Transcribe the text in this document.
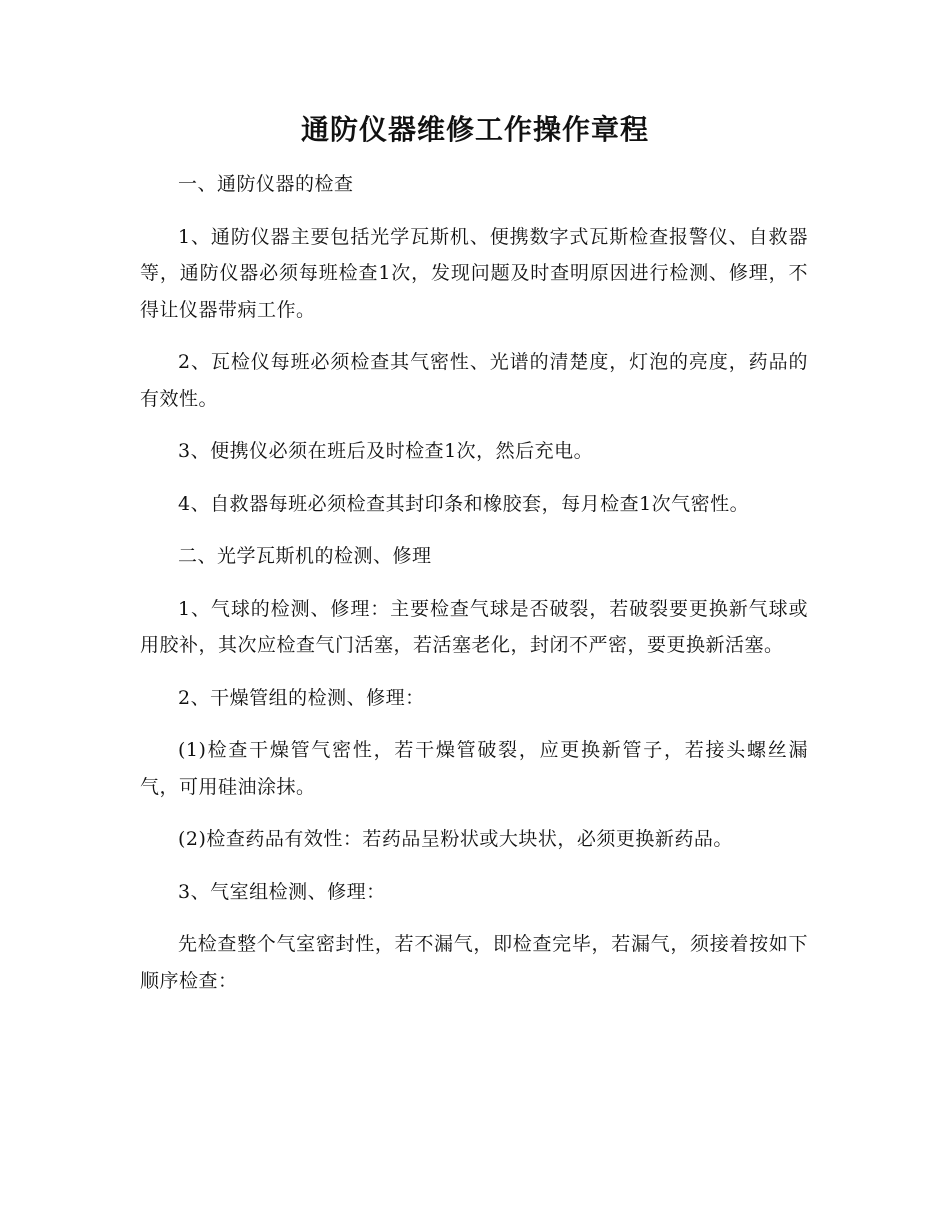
通防仪器维修工作操作章程

一、通防仪器的检查

1、通防仪器主要包括光学瓦斯机、便携数字式瓦斯检查报警仪、自救器等，通防仪器必须每班检查1次，发现问题及时查明原因进行检测、修理，不得让仪器带病工作。

2、瓦检仪每班必须检查其气密性、光谱的清楚度，灯泡的亮度，药品的有效性。

3、便携仪必须在班后及时检查1次，然后充电。

4、自救器每班必须检查其封印条和橡胶套，每月检查1次气密性。

二、光学瓦斯机的检测、修理

1、气球的检测、修理：主要检查气球是否破裂，若破裂要更换新气球或用胶补，其次应检查气门活塞，若活塞老化，封闭不严密，要更换新活塞。

2、干燥管组的检测、修理：

(1)检查干燥管气密性，若干燥管破裂，应更换新管子，若接头螺丝漏气，可用硅油涂抹。

(2)检查药品有效性：若药品呈粉状或大块状，必须更换新药品。

3、气室组检测、修理：

先检查整个气室密封性，若不漏气，即检查完毕，若漏气，须接着按如下顺序检查：
